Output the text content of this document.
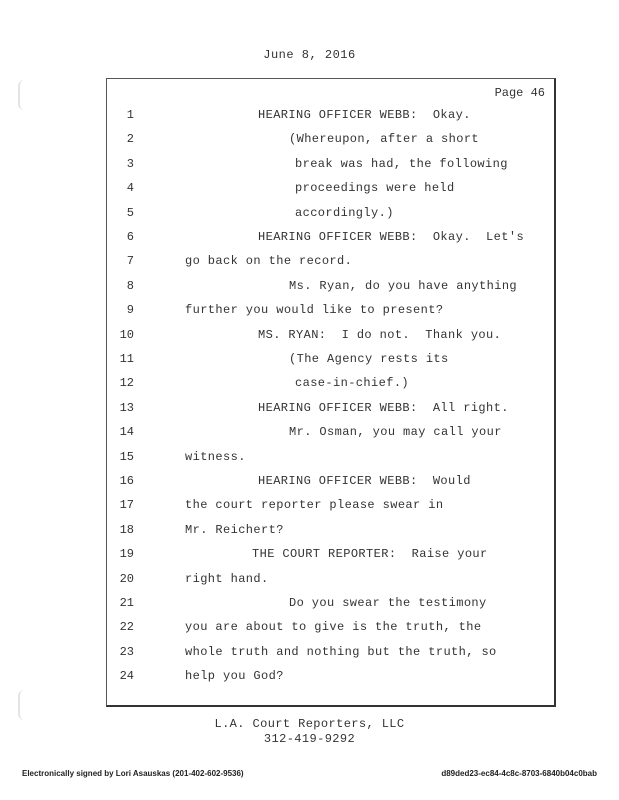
June 8, 2016
Page 46
1	HEARING OFFICER WEBB:  Okay.
2	(Whereupon, after a short
3	break was had, the following
4	proceedings were held
5	accordingly.)
6	HEARING OFFICER WEBB:  Okay.  Let's
7	go back on the record.
8	Ms. Ryan, do you have anything
9	further you would like to present?
10	MS. RYAN:  I do not.  Thank you.
11	(The Agency rests its
12	case-in-chief.)
13	HEARING OFFICER WEBB:  All right.
14	Mr. Osman, you may call your
15	witness.
16	HEARING OFFICER WEBB:  Would
17	the court reporter please swear in
18	Mr. Reichert?
19	THE COURT REPORTER:  Raise your
20	right hand.
21	Do you swear the testimony
22	you are about to give is the truth, the
23	whole truth and nothing but the truth, so
24	help you God?
L.A. Court Reporters, LLC
312-419-9292
Electronically signed by Lori Asauskas (201-402-602-9536)	d89ded23-ec84-4c8c-8703-6840b04c0bab
